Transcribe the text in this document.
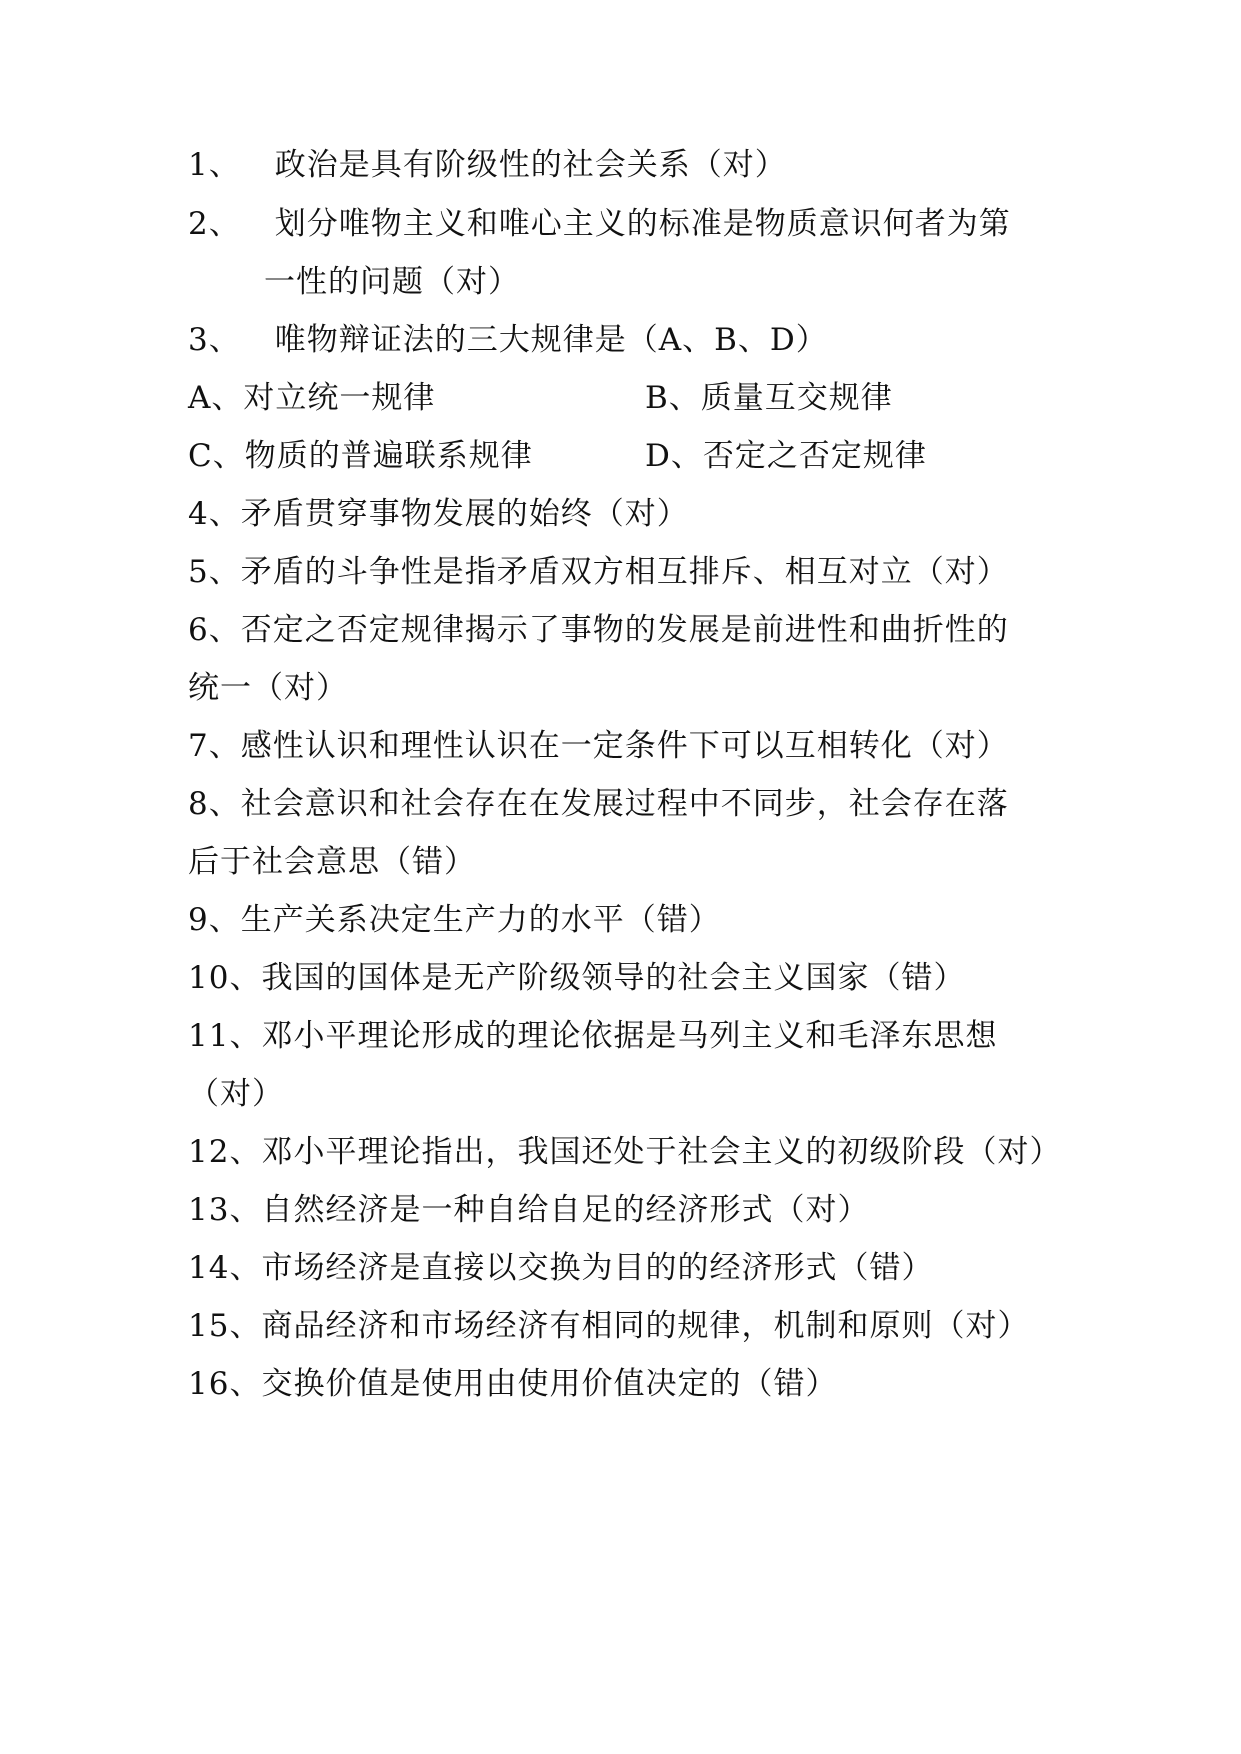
1、 政治是具有阶级性的社会关系（对）
2、 划分唯物主义和唯心主义的标准是物质意识何者为第
一性的问题（对）
3、 唯物辩证法的三大规律是（A、B、D）
A、对立统一规律	B、质量互交规律
C、物质的普遍联系规律	D、否定之否定规律
4、矛盾贯穿事物发展的始终（对）
5、矛盾的斗争性是指矛盾双方相互排斥、相互对立（对）
6、否定之否定规律揭示了事物的发展是前进性和曲折性的
统一（对）
7、感性认识和理性认识在一定条件下可以互相转化（对）
8、社会意识和社会存在在发展过程中不同步，社会存在落
后于社会意思（错）
9、生产关系决定生产力的水平（错）
10、我国的国体是无产阶级领导的社会主义国家（错）
11、邓小平理论形成的理论依据是马列主义和毛泽东思想
（对）
12、邓小平理论指出，我国还处于社会主义的初级阶段（对）
13、自然经济是一种自给自足的经济形式（对）
14、市场经济是直接以交换为目的的经济形式（错）
15、商品经济和市场经济有相同的规律，机制和原则（对）
16、交换价值是使用由使用价值决定的（错）
